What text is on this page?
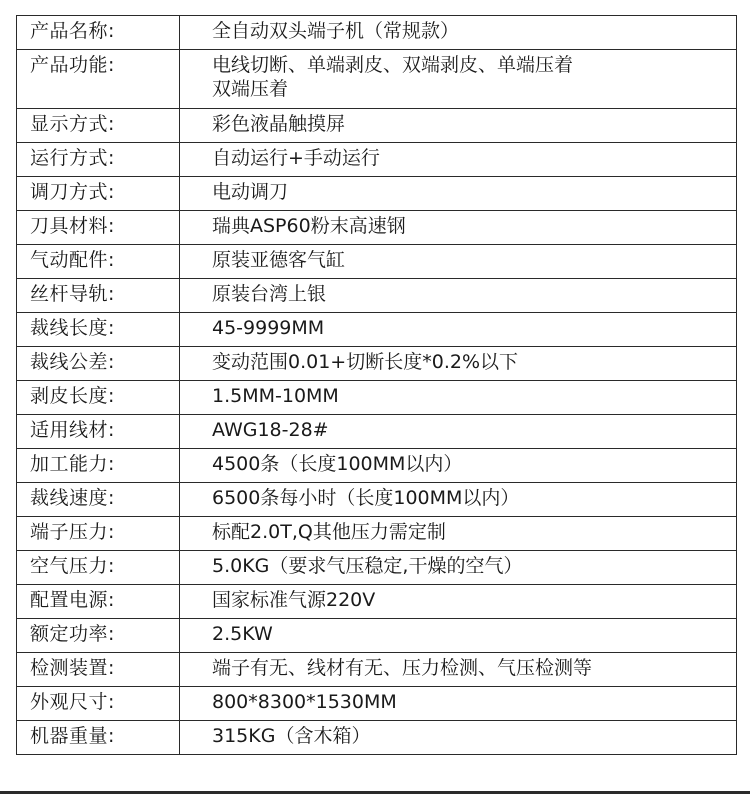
产品名称:	全自动双头端子机（常规款）
产品功能:	电线切断、单端剥皮、双端剥皮、单端压着
双端压着
显示方式:	彩色液晶触摸屏
运行方式:	自动运行+手动运行
调刀方式:	电动调刀
刀具材料:	瑞典ASP60粉末高速钢
气动配件:	原装亚德客气缸
丝杆导轨:	原装台湾上银
裁线长度:	45-9999MM
裁线公差:	变动范围0.01+切断长度*0.2%以下
剥皮长度:	1.5MM-10MM
适用线材:	AWG18-28#
加工能力:	4500条（长度100MM以内）
裁线速度:	6500条每小时（长度100MM以内）
端子压力:	标配2.0T,Q其他压力需定制
空气压力:	5.0KG（要求气压稳定,干燥的空气）
配置电源:	国家标准气源220V
额定功率:	2.5KW
检测装置:	端子有无、线材有无、压力检测、气压检测等
外观尺寸:	800*8300*1530MM
机器重量:	315KG（含木箱）
